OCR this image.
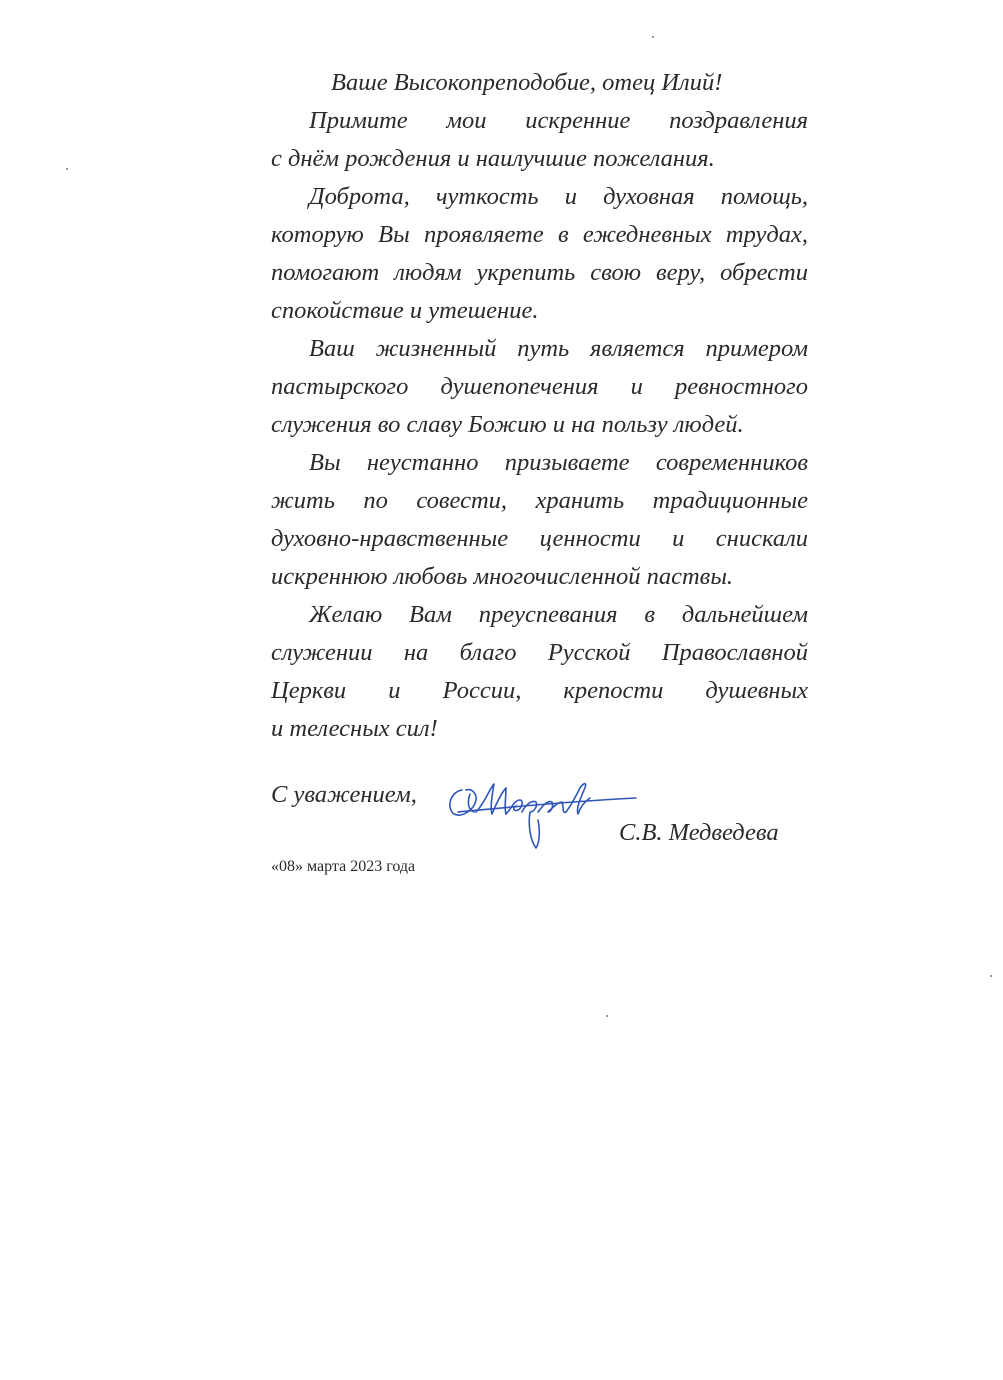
Ваше Высокопреподобие, отец Илий!
Примите мои искренние поздравления
с днём рождения и наилучшие пожелания.
Доброта, чуткость и духовная помощь,
которую Вы проявляете в ежедневных трудах,
помогают людям укрепить свою веру, обрести
спокойствие и утешение.
Ваш жизненный путь является примером
пастырского душепопечения и ревностного
служения во славу Божию и на пользу людей.
Вы неустанно призываете современников
жить по совести, хранить традиционные
духовно-нравственные ценности и снискали
искреннюю любовь многочисленной паствы.
Желаю Вам преуспевания в дальнейшем
служении на благо Русской Православной
Церкви и России, крепости душевных
и телесных сил!
С уважением,
С.В. Медведева
«08» марта 2023 года
